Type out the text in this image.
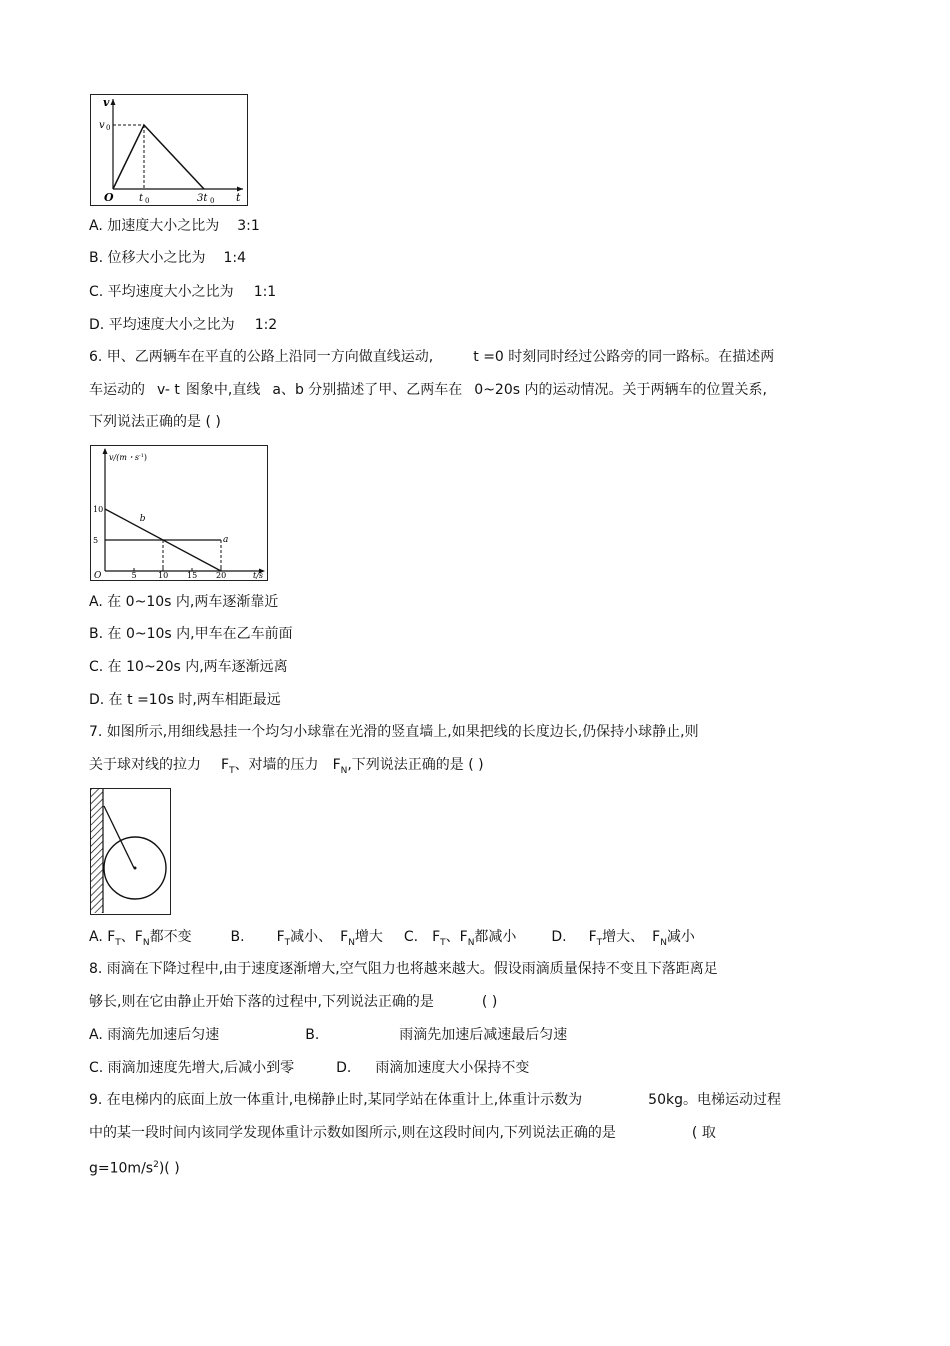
v
v 0
O	t 0	3t 0 t
A. 加速度大小之比为 3:1
B. 位移大小之比为 1:4
C. 平均速度大小之比为 1:1
D. 平均速度大小之比为 1:2
6. 甲、乙两辆车在平直的公路上沿同一方向做直线运动,	t =0 时刻同时经过公路旁的同一路标。在描述两
车运动的 v- t 图象中,直线 a、b 分别描述了甲、乙两车在 0~20s 内的运动情况。关于两辆车的位置关系,
下列说法正确的是 ( )
v/(m・$s^{-1}$)
t/s
O
10
5
5	10 15 20
a
b
A. 在 0~10s 内,两车逐渐靠近
B. 在 0~10s 内,甲车在乙车前面
C. 在 10~20s 内,两车逐渐远离
D. 在 t =10s 时,两车相距最远
7. 如图所示,用细线悬挂一个均匀小球靠在光滑的竖直墙上,如果把线的长度边长,仍保持小球静止,则
关于球对线的拉力 $F_T$、对墙的压力 $F_N$,下列说法正确的是 ( )
A. $F_T$、$F_N$都不变	B. $F_T$减小、 $F_N$增大 C. $F_T$、$F_N$都减小 D. $F_T$增大、 $F_N$减小
8. 雨滴在下降过程中,由于速度逐渐增大,空气阻力也将越来越大。假设雨滴质量保持不变且下落距离足
够长,则在它由静止开始下落的过程中,下列说法正确的是	( )
A. 雨滴先加速后匀速	B.	雨滴先加速后减速最后匀速
C. 雨滴加速度先增大,后减小到零	D. 雨滴加速度大小保持不变
9. 在电梯内的底面上放一体重计,电梯静止时,某同学站在体重计上,体重计示数为	50kg。电梯运动过程
中的某一段时间内该同学发现体重计示数如图所示,则在这段时间内,下列说法正确的是	( 取
$g=10m/s^2$)( )
